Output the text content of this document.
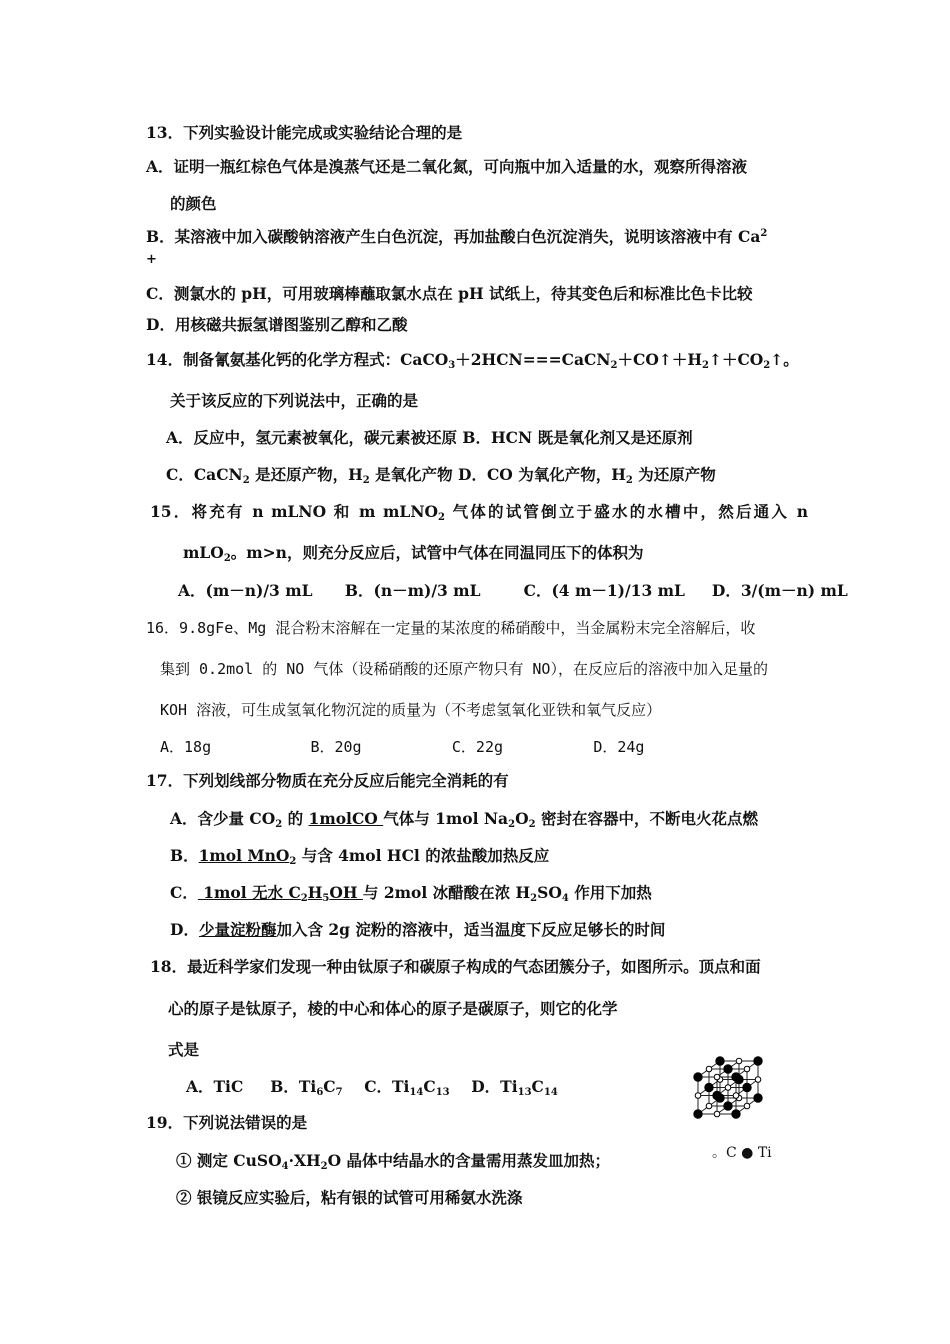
13．下列实验设计能完成或实验结论合理的是
A．证明一瓶红棕色气体是溴蒸气还是二氧化氮，可向瓶中加入适量的水，观察所得溶液
的颜色
B．某溶液中加入碳酸钠溶液产生白色沉淀，再加盐酸白色沉淀消失，说明该溶液中有 $Ca^2$
+
C．测氯水的 pH，可用玻璃棒蘸取氯水点在 pH 试纸上，待其变色后和标准比色卡比较
D．用核磁共振氢谱图鉴别乙醇和乙酸
14．制备氰氨基化钙的化学方程式：$CaCO_3+2HCN===CaCN_2+CO↑+H_2↑+CO_2↑$。
关于该反应的下列说法中，正确的是
A．反应中，氢元素被氧化，碳元素被还原 B．HCN 既是氧化剂又是还原剂
C．CaCN$_2$ 是还原产物，$H_2$ 是氧化产物 D．CO 为氧化产物，$H_2$ 为还原产物
15．将充有 n mLNO 和 m mLNO$_2$ 气体的试管倒立于盛水的水槽中，然后通入 n
mLO$_2$。m>n，则充分反应后，试管中气体在同温同压下的体积为
A．(m－n)/3 mL      B．(n－m)/3 mL        C．(4 m－1)/13 mL     D．3/(m－n) mL
16．9.8gFe、Mg 混合粉末溶解在一定量的某浓度的稀硝酸中，当金属粉末完全溶解后，收
集到 0.2mol 的 NO 气体（设稀硝酸的还原产物只有 NO），在反应后的溶液中加入足量的
KOH 溶液，可生成氢氧化物沉淀的质量为（不考虑氢氧化亚铁和氧气反应）
A．18g           B．20g          C．22g          D．24g
17．下列划线部分物质在充分反应后能完全消耗的有
A．含少量 $CO_2$ 的 1molCO 气体与 1mol $Na_2O_2$ 密封在容器中，不断电火花点燃
B．1mol MnO$_2$ 与含 4mol HCl 的浓盐酸加热反应
C． 1mol 无水 $C_2H_5OH$ 与 2mol 冰醋酸在浓 $H_2SO_4$ 作用下加热
D．少量淀粉酶加入含 2g 淀粉的溶液中，适当温度下反应足够长的时间
18．最近科学家们发现一种由钛原子和碳原子构成的气态团簇分子，如图所示。顶点和面
心的原子是钛原子，棱的中心和体心的原子是碳原子，则它的化学
式是
A．TiC B．$Ti_6C_7$ C．$Ti_{14}C_{13}$ D．$Ti_{13}C_{14}$
。C ● Ti
19．下列说法错误的是
① 测定 $CuSO_4\cdot XH_2O$ 晶体中结晶水的含量需用蒸发皿加热；
② 银镜反应实验后，粘有银的试管可用稀氨水洗涤
